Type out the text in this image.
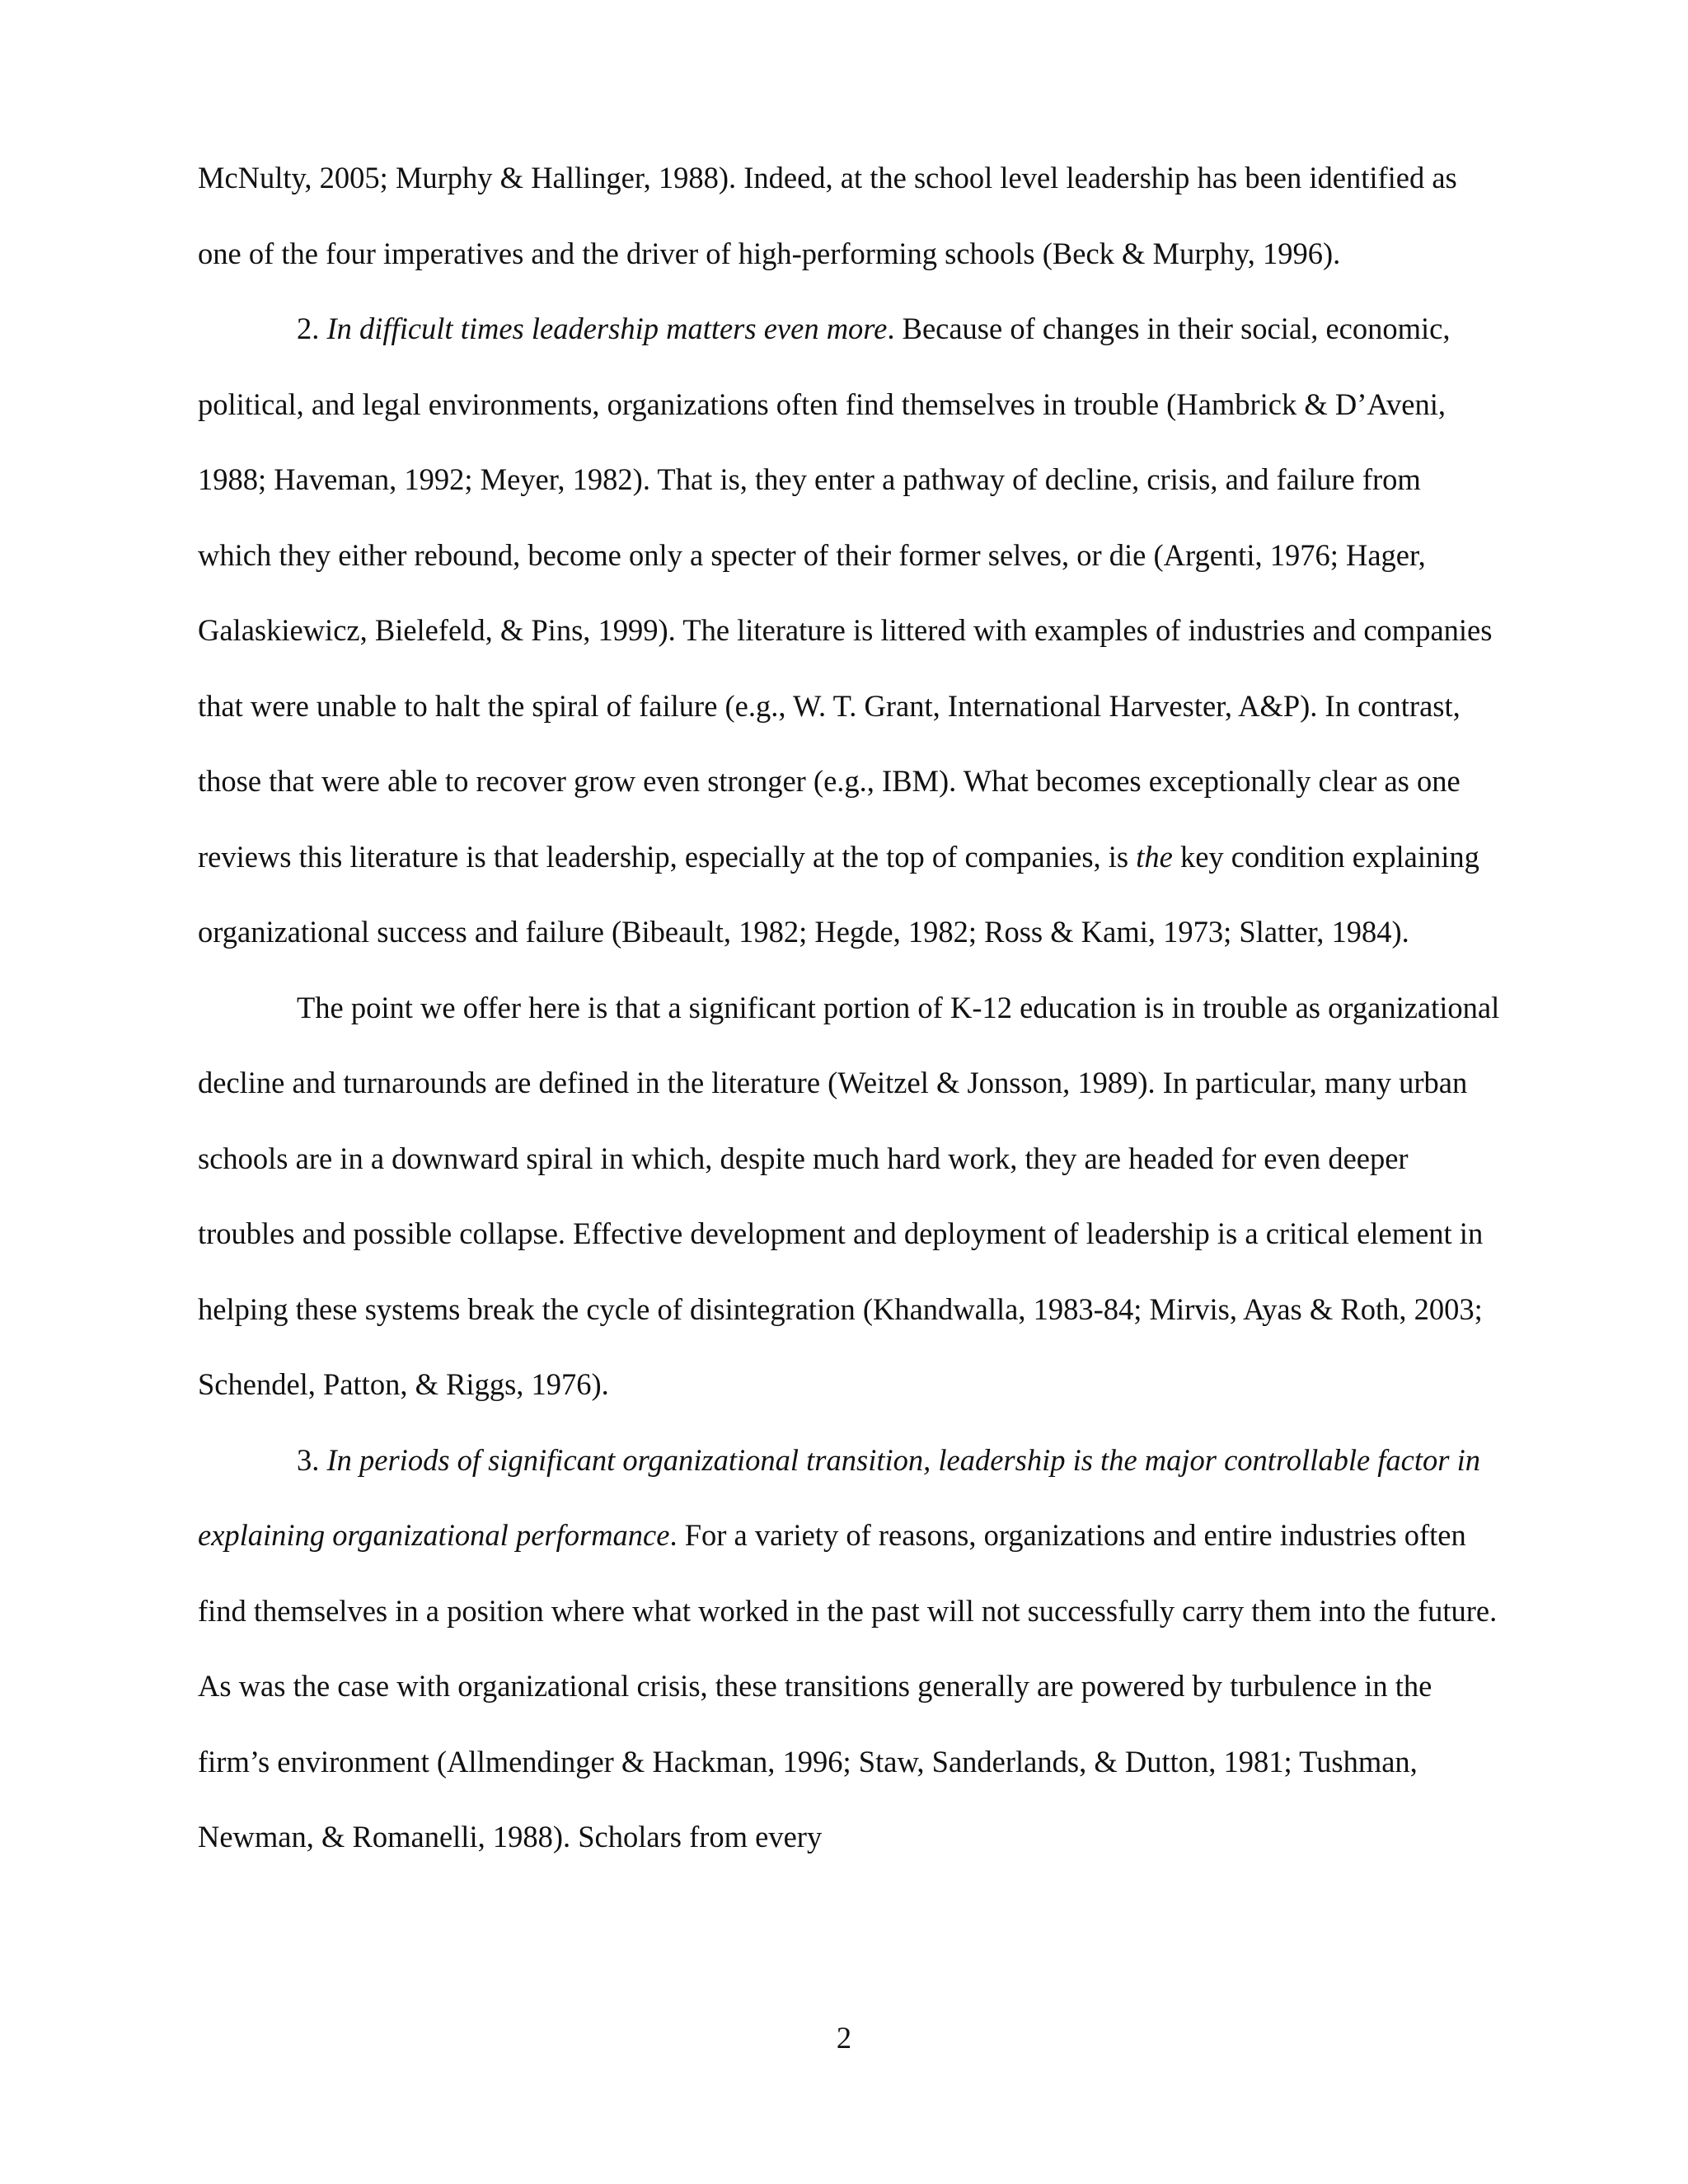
McNulty, 2005; Murphy & Hallinger, 1988). Indeed, at the school level leadership has been identified as one of the four imperatives and the driver of high-performing schools (Beck & Murphy, 1996).

2. In difficult times leadership matters even more. Because of changes in their social, economic, political, and legal environments, organizations often find themselves in trouble (Hambrick & D’Aveni, 1988; Haveman, 1992; Meyer, 1982). That is, they enter a pathway of decline, crisis, and failure from which they either rebound, become only a specter of their former selves, or die (Argenti, 1976; Hager, Galaskiewicz, Bielefeld, & Pins, 1999). The literature is littered with examples of industries and companies that were unable to halt the spiral of failure (e.g., W. T. Grant, International Harvester, A&P). In contrast, those that were able to recover grow even stronger (e.g., IBM). What becomes exceptionally clear as one reviews this literature is that leadership, especially at the top of companies, is the key condition explaining organizational success and failure (Bibeault, 1982; Hegde, 1982; Ross & Kami, 1973; Slatter, 1984).

The point we offer here is that a significant portion of K-12 education is in trouble as organizational decline and turnarounds are defined in the literature (Weitzel & Jonsson, 1989). In particular, many urban schools are in a downward spiral in which, despite much hard work, they are headed for even deeper troubles and possible collapse. Effective development and deployment of leadership is a critical element in helping these systems break the cycle of disintegration (Khandwalla, 1983-84; Mirvis, Ayas & Roth, 2003; Schendel, Patton, & Riggs, 1976).

3. In periods of significant organizational transition, leadership is the major controllable factor in explaining organizational performance. For a variety of reasons, organizations and entire industries often find themselves in a position where what worked in the past will not successfully carry them into the future. As was the case with organizational crisis, these transitions generally are powered by turbulence in the firm’s environment (Allmendinger & Hackman, 1996; Staw, Sanderlands, & Dutton, 1981; Tushman, Newman, & Romanelli, 1988). Scholars from every

2
